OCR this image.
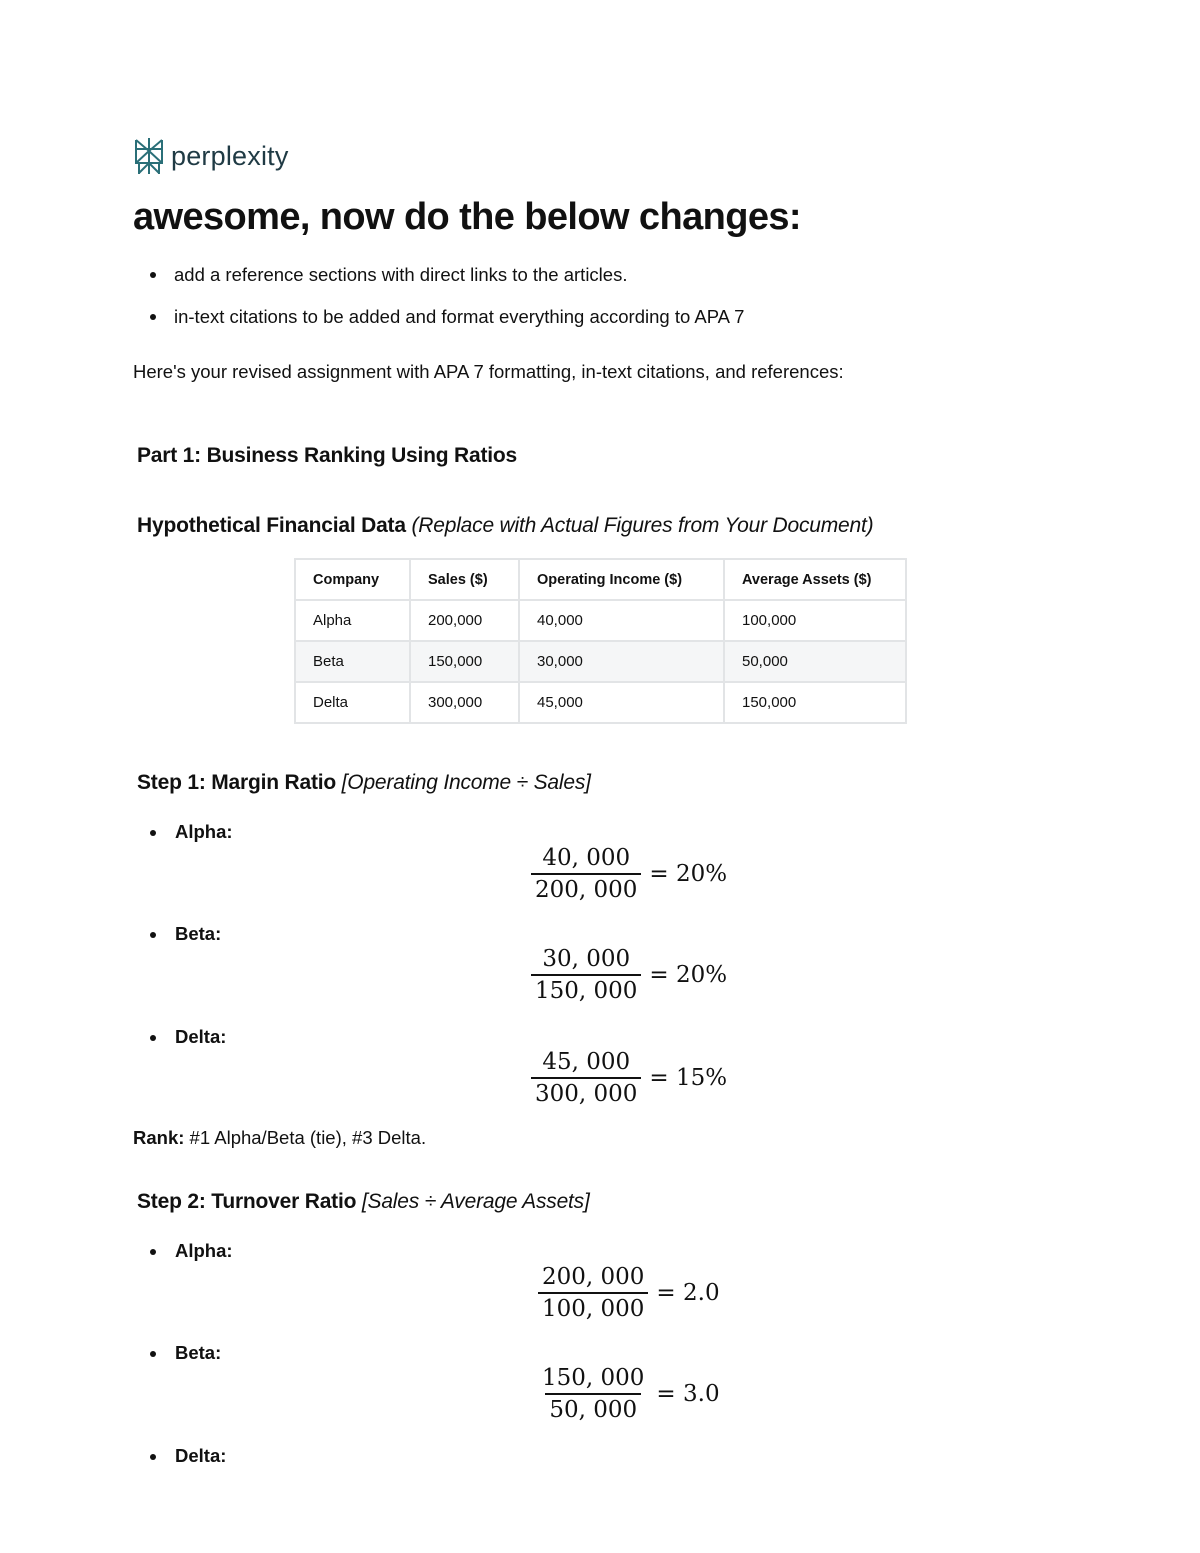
perplexity
awesome, now do the below changes:
add a reference sections with direct links to the articles.
in-text citations to be added and format everything according to APA 7
Here's your revised assignment with APA 7 formatting, in-text citations, and references:
Part 1: Business Ranking Using Ratios
Hypothetical Financial Data (Replace with Actual Figures from Your Document)
Company	Sales ($)	Operating Income ($)	Average Assets ($)
Alpha	200,000	40,000	100,000
Beta	150,000	30,000	50,000
Delta	300,000	45,000	150,000
Step 1: Margin Ratio [Operating Income ÷ Sales]
Alpha:
$\frac{40, 000}{200, 000} = 20\%$
Beta:
$\frac{30, 000}{150, 000} = 20\%$
Delta:
$\frac{45, 000}{300, 000} = 15\%$
Rank: #1 Alpha/Beta (tie), #3 Delta.
Step 2: Turnover Ratio [Sales ÷ Average Assets]
Alpha:
$\frac{200, 000}{100, 000} = 2.0$
Beta:
$\frac{150, 000}{50, 000} = 3.0$
Delta:
